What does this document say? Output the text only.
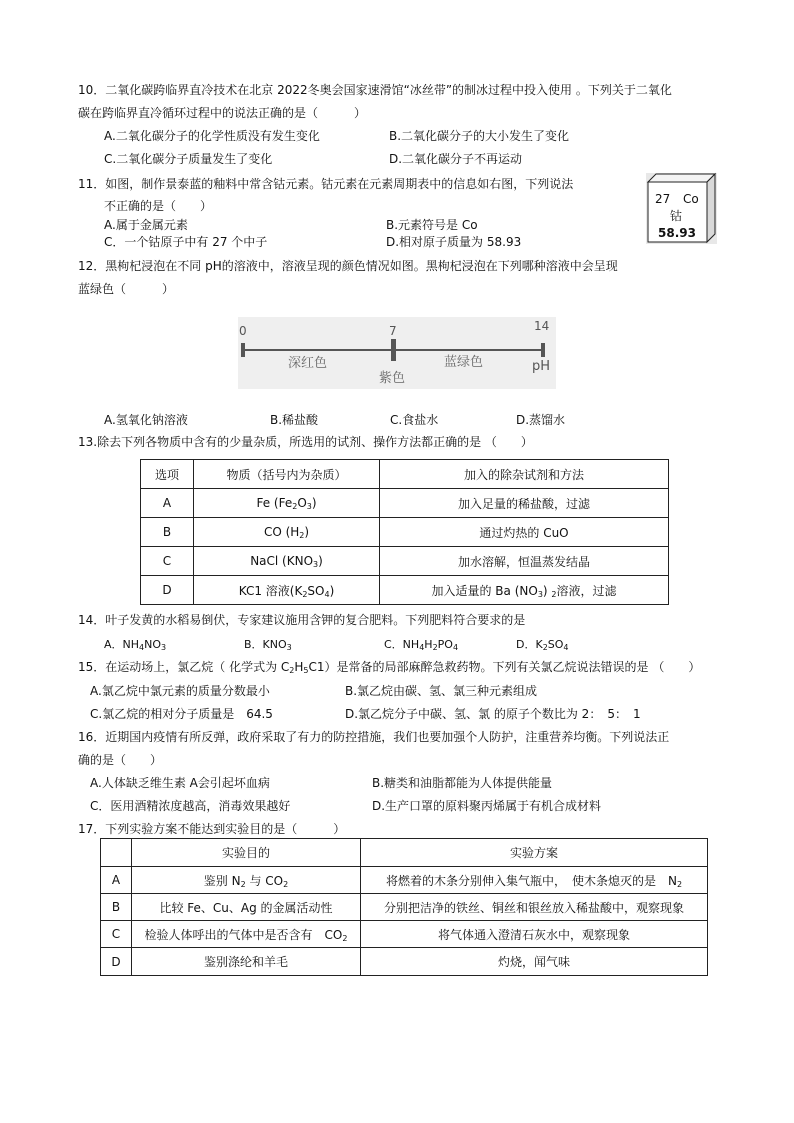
10．二氧化碳跨临界直冷技术在北京 2022冬奥会国家速滑馆“冰丝带”的制冰过程中投入使用 。下列关于二氧化
碳在跨临界直冷循环过程中的说法正确的是（　　　）
A.二氧化碳分子的化学性质没有发生变化	B.二氧化碳分子的大小发生了变化
C.二氧化碳分子质量发生了变化	D.二氧化碳分子不再运动
11．如图，制作景泰蓝的釉料中常含钴元素。钴元素在元素周期表中的信息如右图，下列说法
不正确的是（　　）
A.属于金属元素	B.元素符号是 Co
C．一个钴原子中有 27 个中子	D.相对原子质量为 58.93
27 Co
钴
58.93
12．黑枸杞浸泡在不同 pH的溶液中，溶液呈现的颜色情况如图。黑枸杞浸泡在下列哪种溶液中会呈现
蓝绿色（　　　）
0	7	14
深红色
紫色
蓝绿色	pH
A.氢氧化钠溶液	B.稀盐酸	C.食盐水	D.蒸馏水
13.除去下列各物质中含有的少量杂质，所选用的试剂、操作方法都正确的是 （　　）
选项	物质（括号内为杂质）	加入的除杂试剂和方法
A	Fe $(Fe_2O_3)$	加入足量的稀盐酸，过滤
B	CO $(H_2)$	通过灼热的 CuO
C	NaCl $(KNO_3)$	加水溶解，恒温蒸发结晶
D	KC1 溶液$(K_2SO_4)$	加入适量的 Ba $(NO_3)$ $_2$溶液，过滤
14．叶子发黄的水稻易倒伏，专家建议施用含钾的复合肥料。下列肥料符合要求的是
A．$NH_4NO_3$	B．$KNO_3$	C．$NH_4H_2PO_4$	D．$K_2SO_4$
15．在运动场上，氯乙烷（ 化学式为 $C_2H_5C1$）是常备的局部麻醉急救药物。下列有关氯乙烷说法错误的是 （　　）
A.氯乙烷中氯元素的质量分数最小	B.氯乙烷由碳、氢、氯三种元素组成
C.氯乙烷的相对分子质量是　64.5	D.氯乙烷分子中碳、氢、氯 的原子个数比为 2：　5：　1
16．近期国内疫情有所反弹，政府采取了有力的防控措施，我们也要加强个人防护，注重营养均衡。下列说法正
确的是（　　）
A.人体缺乏维生素 A会引起坏血病	B.糖类和油脂都能为人体提供能量
C．医用酒精浓度越高，消毒效果越好	D.生产口罩的原料聚丙烯属于有机合成材料
17．下列实验方案不能达到实验目的是（　　　）
	实验目的	实验方案
A	鉴别 $N_2$ 与 $CO_2$	将燃着的木条分别伸入集气瓶中，　使木条熄灭的是　$N_2$
B	比较 Fe、Cu、Ag 的金属活动性	分别把洁净的铁丝、铜丝和银丝放入稀盐酸中，观察现象
C	检验人体呼出的气体中是否含有　$CO_2$	将气体通入澄清石灰水中，观察现象
D	鉴别涤纶和羊毛	灼烧，闻气味
